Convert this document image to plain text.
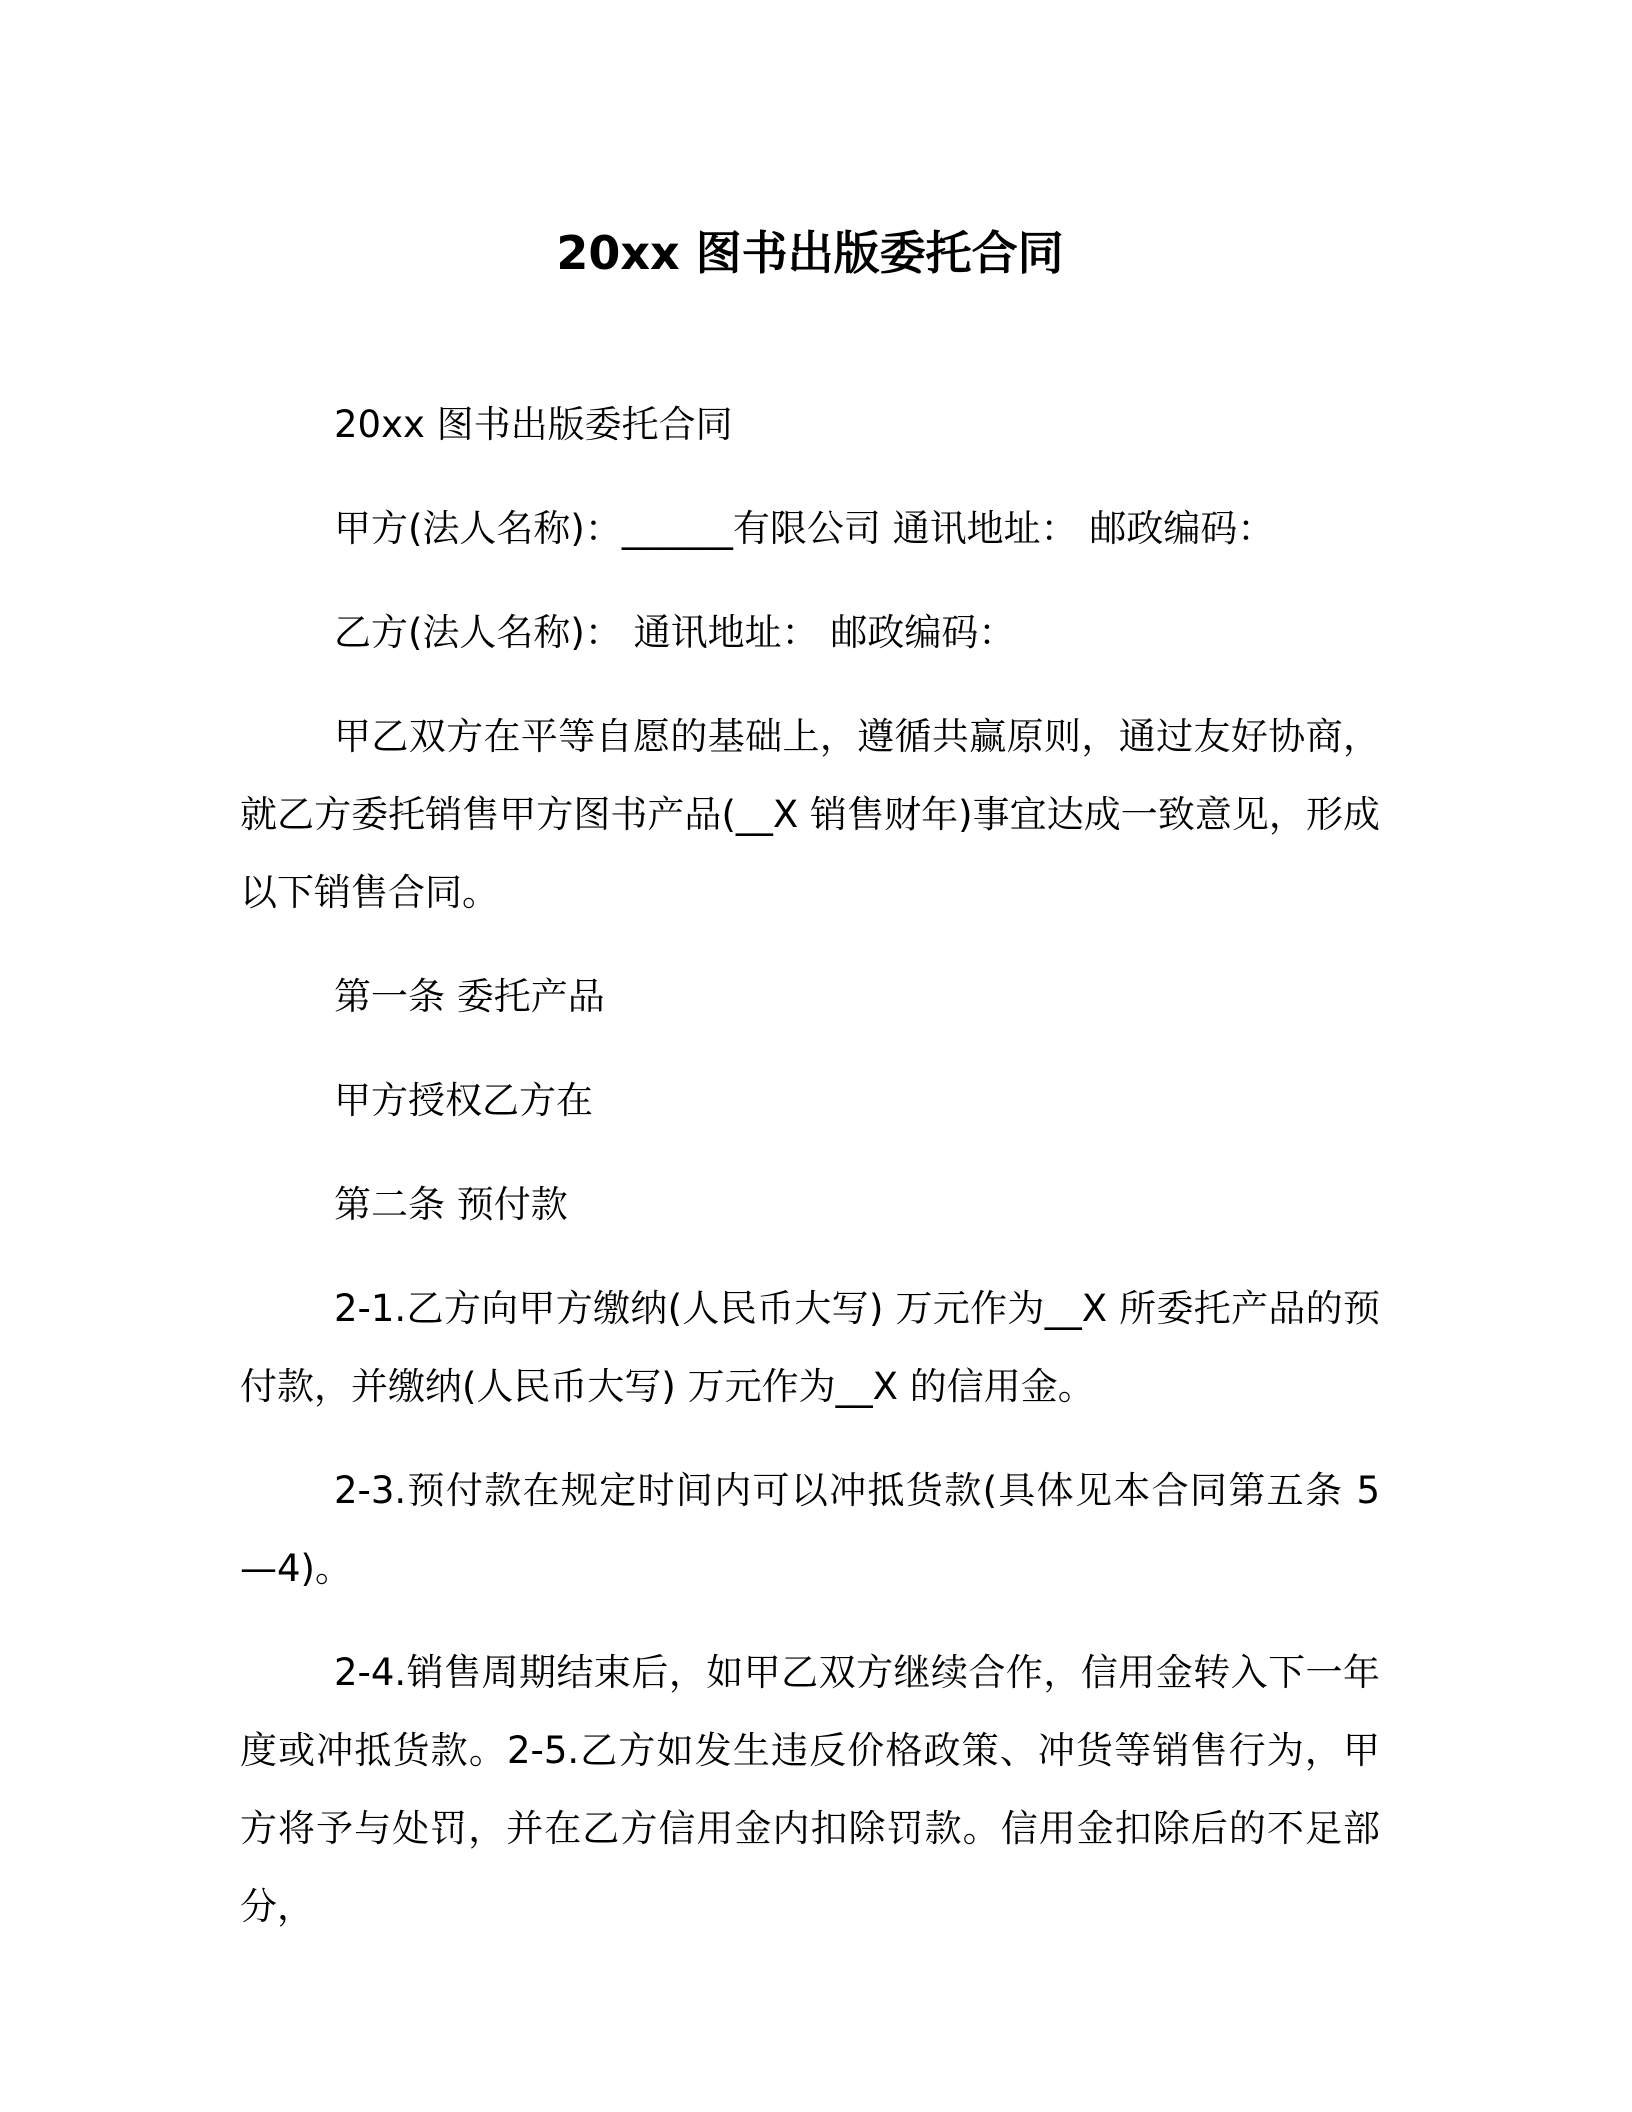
20xx 图书出版委托合同

20xx 图书出版委托合同

甲方(法人名称)：______有限公司 通讯地址： 邮政编码：

乙方(法人名称)： 通讯地址： 邮政编码：

甲乙双方在平等自愿的基础上，遵循共赢原则，通过友好协商，就乙方委托销售甲方图书产品(__X 销售财年)事宜达成一致意见，形成以下销售合同。

第一条 委托产品

甲方授权乙方在

第二条 预付款

2-1.乙方向甲方缴纳(人民币大写) 万元作为__X 所委托产品的预付款，并缴纳(人民币大写) 万元作为__X 的信用金。

2-3.预付款在规定时间内可以冲抵货款(具体见本合同第五条 5—4)。

2-4.销售周期结束后，如甲乙双方继续合作，信用金转入下一年度或冲抵货款。2-5.乙方如发生违反价格政策、冲货等销售行为，甲方将予与处罚，并在乙方信用金内扣除罚款。信用金扣除后的不足部分，
